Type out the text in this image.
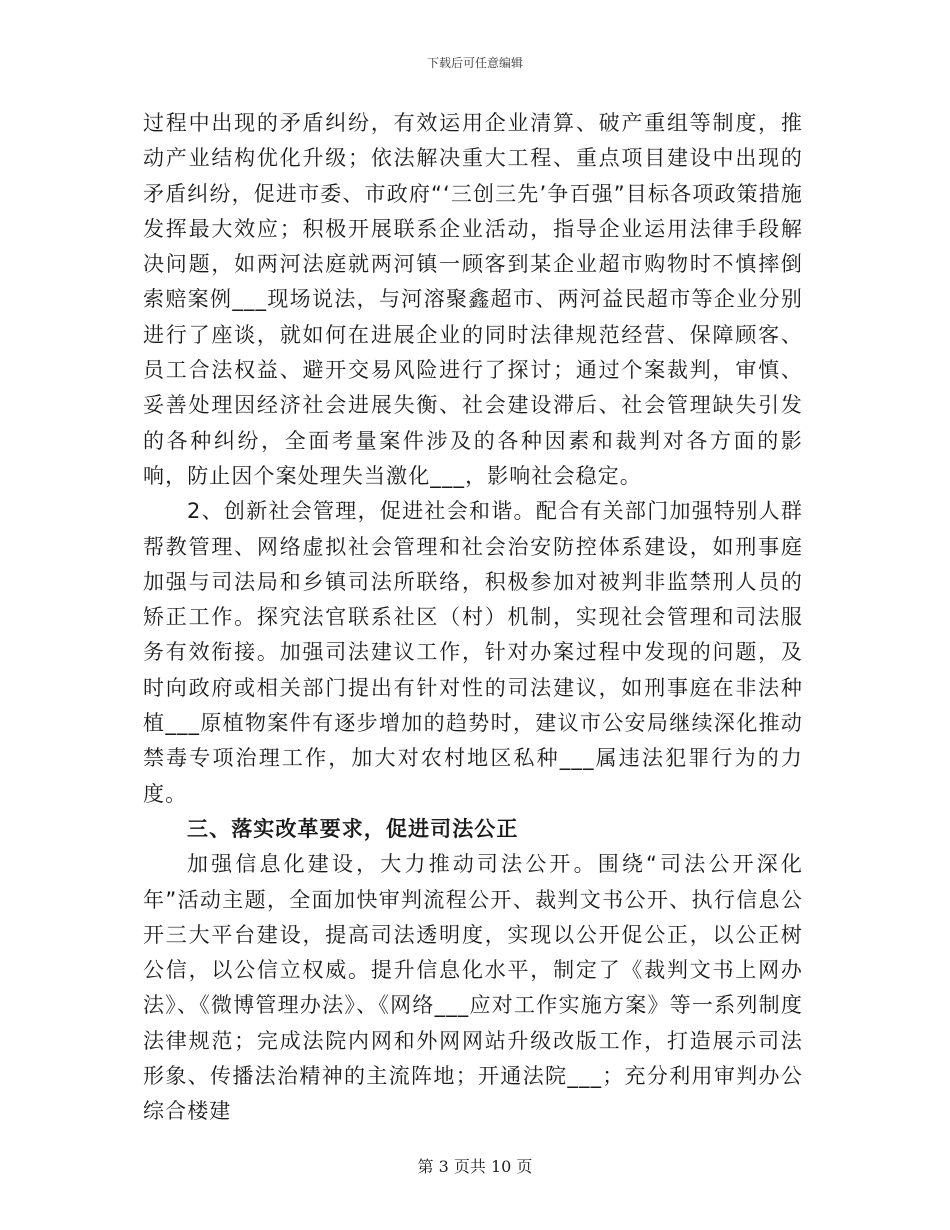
下载后可任意编辑

过程中出现的矛盾纠纷，有效运用企业清算、破产重组等制度，推动产业结构优化升级；依法解决重大工程、重点项目建设中出现的矛盾纠纷，促进市委、市政府“‘三创三先’争百强”目标各项政策措施发挥最大效应；积极开展联系企业活动，指导企业运用法律手段解决问题，如两河法庭就两河镇一顾客到某企业超市购物时不慎摔倒索赔案例___现场说法，与河溶聚鑫超市、两河益民超市等企业分别进行了座谈，就如何在进展企业的同时法律规范经营、保障顾客、员工合法权益、避开交易风险进行了探讨；通过个案裁判，审慎、妥善处理因经济社会进展失衡、社会建设滞后、社会管理缺失引发的各种纠纷，全面考量案件涉及的各种因素和裁判对各方面的影响，防止因个案处理失当激化___，影响社会稳定。

2、创新社会管理，促进社会和谐。配合有关部门加强特别人群帮教管理、网络虚拟社会管理和社会治安防控体系建设，如刑事庭加强与司法局和乡镇司法所联络，积极参加对被判非监禁刑人员的矫正工作。探究法官联系社区（村）机制，实现社会管理和司法服务有效衔接。加强司法建议工作，针对办案过程中发现的问题，及时向政府或相关部门提出有针对性的司法建议，如刑事庭在非法种植___原植物案件有逐步增加的趋势时，建议市公安局继续深化推动禁毒专项治理工作，加大对农村地区私种___属违法犯罪行为的力度。

三、落实改革要求，促进司法公正

加强信息化建设，大力推动司法公开。围绕“司法公开深化年”活动主题，全面加快审判流程公开、裁判文书公开、执行信息公开三大平台建设，提高司法透明度，实现以公开促公正，以公正树公信，以公信立权威。提升信息化水平，制定了《裁判文书上网办法》、《微博管理办法》、《网络___应对工作实施方案》等一系列制度法律规范；完成法院内网和外网网站升级改版工作，打造展示司法形象、传播法治精神的主流阵地；开通法院___；充分利用审判办公综合楼建

第 3 页共 10 页
